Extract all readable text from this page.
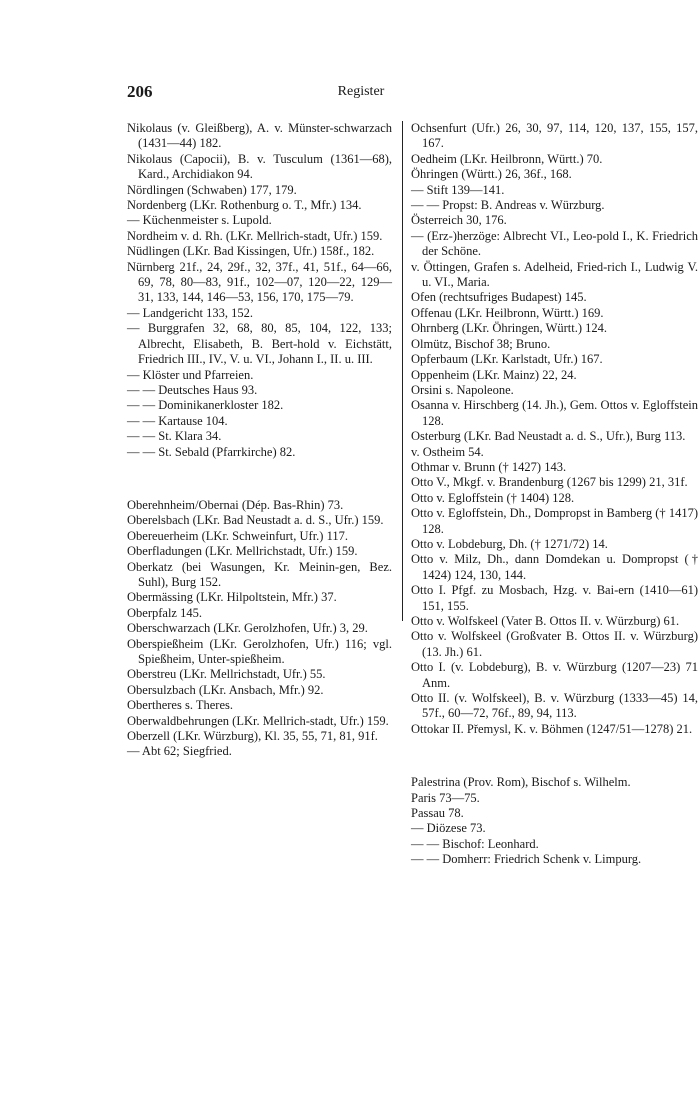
206	Register
Nikolaus (v. Gleißberg), A. v. Münster-schwarzach (1431—44) 182.
Nikolaus (Capocii), B. v. Tusculum (1361—68), Kard., Archidiakon 94.
Nördlingen (Schwaben) 177, 179.
Nordenberg (LKr. Rothenburg o. T., Mfr.) 134.
— Küchenmeister s. Lupold.
Nordheim v. d. Rh. (LKr. Mellrich-stadt, Ufr.) 159.
Nüdlingen (LKr. Bad Kissingen, Ufr.) 158f., 182.
Nürnberg 21f., 24, 29f., 32, 37f., 41, 51f., 64—66, 69, 78, 80—83, 91f., 102—07, 120—22, 129—31, 133, 144, 146—53, 156, 170, 175—79.
— Landgericht 133, 152.
— Burggrafen 32, 68, 80, 85, 104, 122, 133; Albrecht, Elisabeth, B. Bert-hold v. Eichstätt, Friedrich III., IV., V. u. VI., Johann I., II. u. III.
— Klöster und Pfarreien.
— — Deutsches Haus 93.
— — Dominikanerkloster 182.
— — Kartause 104.
— — St. Klara 34.
— — St. Sebald (Pfarrkirche) 82.
Oberehnheim/Obernai (Dép. Bas-Rhin) 73.
Oberelsbach (LKr. Bad Neustadt a. d. S., Ufr.) 159.
Obereuerheim (LKr. Schweinfurt, Ufr.) 117.
Oberfladungen (LKr. Mellrichstadt, Ufr.) 159.
Oberkatz (bei Wasungen, Kr. Meinin-gen, Bez. Suhl), Burg 152.
Obermässing (LKr. Hilpoltstein, Mfr.) 37.
Oberpfalz 145.
Oberschwarzach (LKr. Gerolzhofen, Ufr.) 3, 29.
Oberspießheim (LKr. Gerolzhofen, Ufr.) 116; vgl. Spießheim, Unter-spießheim.
Oberstreu (LKr. Mellrichstadt, Ufr.) 55.
Obersulzbach (LKr. Ansbach, Mfr.) 92.
Obertheres s. Theres.
Oberwaldbehrungen (LKr. Mellrich-stadt, Ufr.) 159.
Oberzell (LKr. Würzburg), Kl. 35, 55, 71, 81, 91f.
— Abt 62; Siegfried.
Ochsenfurt (Ufr.) 26, 30, 97, 114, 120, 137, 155, 157, 167.
Oedheim (LKr. Heilbronn, Württ.) 70.
Öhringen (Württ.) 26, 36f., 168.
— Stift 139—141.
— — Propst: B. Andreas v. Würzburg.
Österreich 30, 176.
— (Erz-)herzöge: Albrecht VI., Leo-pold I., K. Friedrich der Schöne.
v. Öttingen, Grafen s. Adelheid, Fried-rich I., Ludwig V. u. VI., Maria.
Ofen (rechtsufriges Budapest) 145.
Offenau (LKr. Heilbronn, Württ.) 169.
Ohrnberg (LKr. Öhringen, Württ.) 124.
Olmütz, Bischof 38; Bruno.
Opferbaum (LKr. Karlstadt, Ufr.) 167.
Oppenheim (LKr. Mainz) 22, 24.
Orsini s. Napoleone.
Osanna v. Hirschberg (14. Jh.), Gem. Ottos v. Egloffstein 128.
Osterburg (LKr. Bad Neustadt a. d. S., Ufr.), Burg 113.
v. Ostheim 54.
Othmar v. Brunn († 1427) 143.
Otto V., Mkgf. v. Brandenburg (1267 bis 1299) 21, 31f.
Otto v. Egloffstein († 1404) 128.
Otto v. Egloffstein, Dh., Dompropst in Bamberg († 1417) 128.
Otto v. Lobdeburg, Dh. († 1271/72) 14.
Otto v. Milz, Dh., dann Domdekan u. Dompropst († 1424) 124, 130, 144.
Otto I. Pfgf. zu Mosbach, Hzg. v. Bai-ern (1410—61) 151, 155.
Otto v. Wolfskeel (Vater B. Ottos II. v. Würzburg) 61.
Otto v. Wolfskeel (Großvater B. Ottos II. v. Würzburg) (13. Jh.) 61.
Otto I. (v. Lobdeburg), B. v. Würzburg (1207—23) 71 Anm.
Otto II. (v. Wolfskeel), B. v. Würzburg (1333—45) 14, 57f., 60—72, 76f., 89, 94, 113.
Ottokar II. Přemysl, K. v. Böhmen (1247/51—1278) 21.
Palestrina (Prov. Rom), Bischof s. Wilhelm.
Paris 73—75.
Passau 78.
— Diözese 73.
— — Bischof: Leonhard.
— — Domherr: Friedrich Schenk v. Limpurg.
